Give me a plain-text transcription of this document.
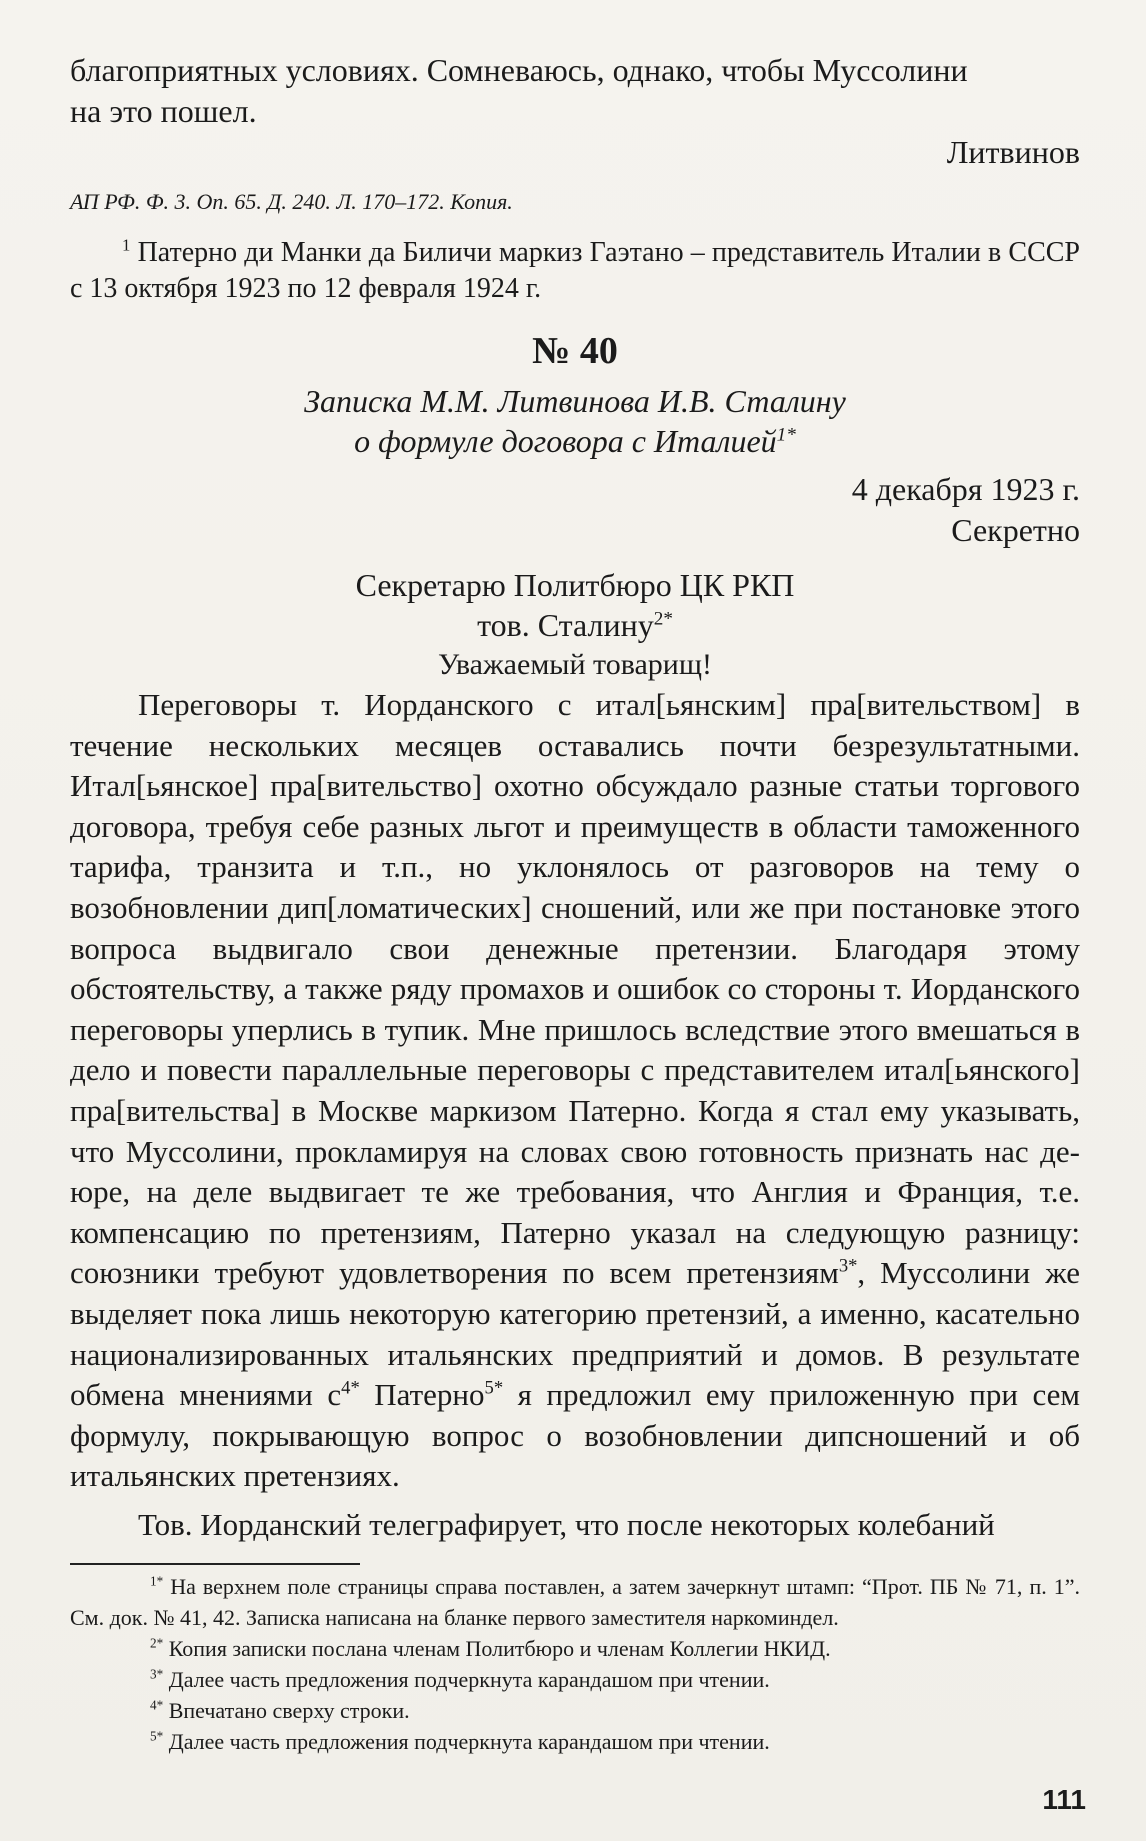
благоприятных условиях. Сомневаюсь, однако, чтобы Муссолини

на это пошел.

Литвинов

АП РФ. Ф. 3. Оп. 65. Д. 240. Л. 170–172. Копия.
$^1$ Патерно ди Манки да Биличи маркиз Гаэтано – представитель Италии в СССР с 13 октября 1923 по 12 февраля 1924 г.
№ 40
Записка М.М. Литвинова И.В. Сталину
о формуле договора с Италией$^{1*}$
4 декабря 1923 г.
Секретно
Секретарю Политбюро ЦК РКП
тов. Сталину$^{2*}$
Уважаемый товарищ!

Переговоры т. Иорданского с итал[ьянским] пра[вительством] в течение нескольких месяцев оставались почти безрезультатными. Итал[ьянское] пра[вительство] охотно обсуждало разные статьи торгового договора, требуя себе разных льгот и преимуществ в области таможенного тарифа, транзита и т.п., но уклонялось от разговоров на тему о возобновлении дип[ломатических] сношений, или же при постановке этого вопроса выдвигало свои денежные претензии. Благодаря этому обстоятельству, а также ряду промахов и ошибок со стороны т. Иорданского переговоры уперлись в тупик. Мне пришлось вследствие этого вмешаться в дело и повести параллельные переговоры с представителем итал[ьянского] пра[вительства] в Москве маркизом Патерно. Когда я стал ему указывать, что Муссолини, прокламируя на словах свою готовность признать нас де-юре, на деле выдвигает те же требования, что Англия и Франция, т.е. компенсацию по претензиям, Патерно указал на следующую разницу: союзники требуют удовлетворения по всем претензиям$^{3*}$, Муссолини же выделяет пока лишь некоторую категорию претензий, а именно, касательно национализированных итальянских предприятий и домов. В результате обмена мнениями $с^{4*}$ Патерно$^{5*}$ я предложил ему приложенную при сем формулу, покрывающую вопрос о возобновлении дипсношений и об итальянских претензиях.

Тов. Иорданский телеграфирует, что после некоторых колебаний

$^{1*}$ На верхнем поле страницы справа поставлен, а затем зачеркнут штамп: “Прот. ПБ № 71, п. 1”. См. док. № 41, 42. Записка написана на бланке первого заместителя наркоминдел.

$^{2*}$ Копия записки послана членам Политбюро и членам Коллегии НКИД.

$^{3*}$ Далее часть предложения подчеркнута карандашом при чтении.

$^{4*}$ Впечатано сверху строки.

$^{5*}$ Далее часть предложения подчеркнута карандашом при чтении.

111
